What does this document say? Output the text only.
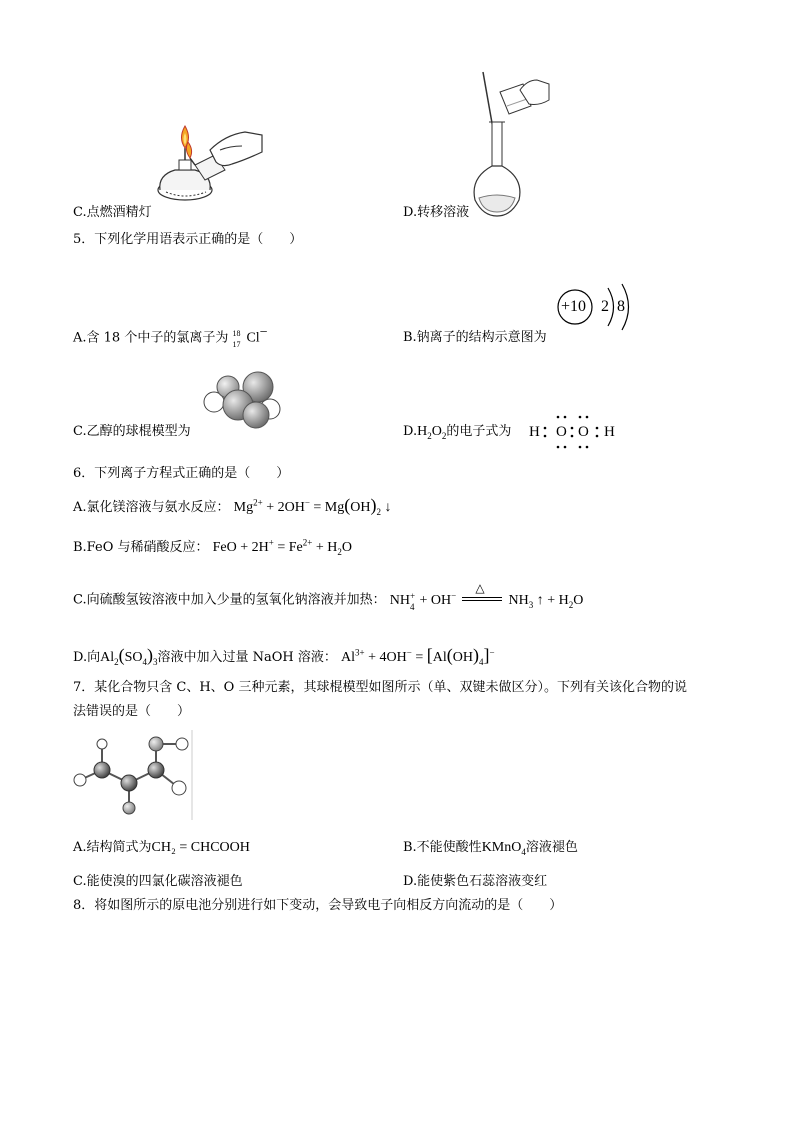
C.点燃酒精灯	D.转移溶液
5．下列化学用语表示正确的是（　　）
A.含 18 个中子的氯离子为 18
17 Cl−	B.钠离子的结构示意图为
+10 2 8
C.乙醇的球棍模型为	$D.H_2O_2$的电子式为 H O O H
6．下列离子方程式正确的是（　　）
A.氯化镁溶液与氨水反应： $Mg^{2+} + 2OH^- = Mg(OH)_2$ ↓
B.FeO 与稀硝酸反应： FeO + $2H^+ = Fe^{2+} + H_2O$
C.向硫酸氢铵溶液中加入少量的氢氧化钠溶液并加热： NH +
4 + OH− △
$NH_3$ ↑ + $H_2O$
D.向$Al_2(SO_4)_3$溶液中加入过量 NaOH 溶液： $Al^{3+} + 4OH^- = [Al(OH)_4]^-$
7．某化合物只含 C、H、O 三种元素，其球棍模型如图所示（单、双键未做区分）。下列有关该化合物的说
法错误的是（　　）
A.结构简式为CH₂ = CHCOOH	B.不能使酸性KMnO$_4$溶液褪色
C.能使溴的四氯化碳溶液褪色	D.能使紫色石蕊溶液变红
8．将如图所示的原电池分别进行如下变动，会导致电子向相反方向流动的是（　　）
